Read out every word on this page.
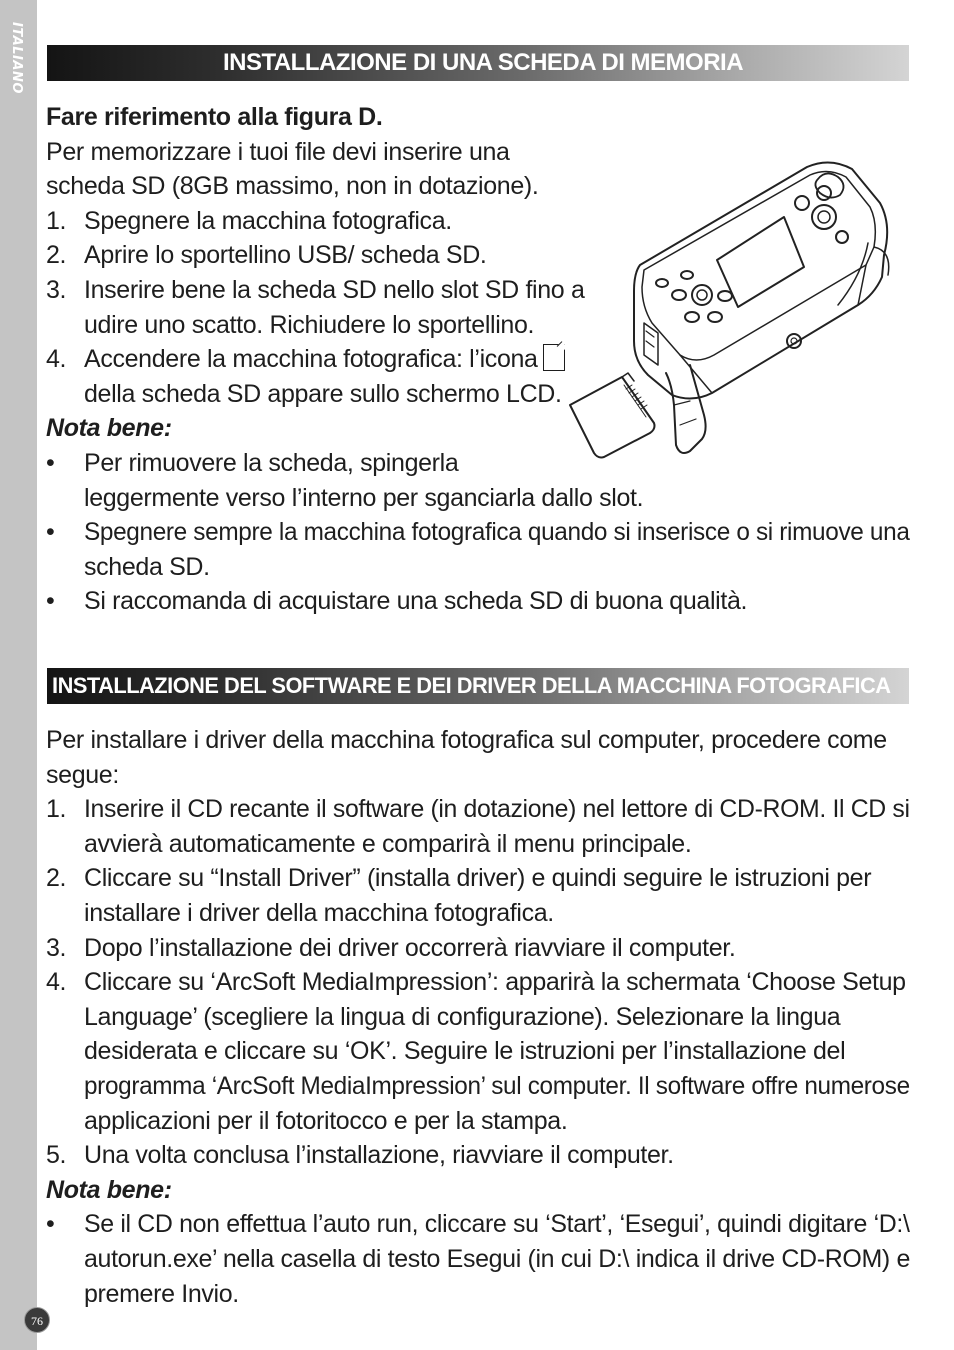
ITALIANO
76
INSTALLAZIONE DI UNA SCHEDA DI MEMORIA
Fare riferimento alla figura D.
Per memorizzare i tuoi file devi inserire una
scheda SD (8GB massimo, non in dotazione).
1. Spegnere la macchina fotografica.
2. Aprire lo sportellino USB/ scheda SD.
3. Inserire bene la scheda SD nello slot SD fino a
udire uno scatto. Richiudere lo sportellino.
4. Accendere la macchina fotografica: l’icona
della scheda SD appare sullo schermo LCD.
Nota bene:
• Per rimuovere la scheda, spingerla
leggermente verso l’interno per sganciarla dallo slot.
• Spegnere sempre la macchina fotografica quando si inserisce o si rimuove una
scheda SD.
• Si raccomanda di acquistare una scheda SD di buona qualità.
INSTALLAZIONE DEL SOFTWARE E DEI DRIVER DELLA MACCHINA FOTOGRAFICA
Per installare i driver della macchina fotografica sul computer, procedere come
segue:
1. Inserire il CD recante il software (in dotazione) nel lettore di CD-ROM. Il CD si
avvierà automaticamente e comparirà il menu principale.
2. Cliccare su “Install Driver” (installa driver) e quindi seguire le istruzioni per
installare i driver della macchina fotografica.
3. Dopo l’installazione dei driver occorrerà riavviare il computer.
4. Cliccare su ‘ArcSoft MediaImpression’: apparirà la schermata ‘Choose Setup
Language’ (scegliere la lingua di configurazione). Selezionare la lingua
desiderata e cliccare su ‘OK’. Seguire le istruzioni per l’installazione del
programma ‘ArcSoft MediaImpression’ sul computer. Il software offre numerose
applicazioni per il fotoritocco e per la stampa.
5. Una volta conclusa l’installazione, riavviare il computer.
Nota bene:
• Se il CD non effettua l’auto run, cliccare su ‘Start’, ‘Esegui’, quindi digitare ‘D:\
autorun.exe’ nella casella di testo Esegui (in cui D:\ indica il drive CD-ROM) e
premere Invio.
